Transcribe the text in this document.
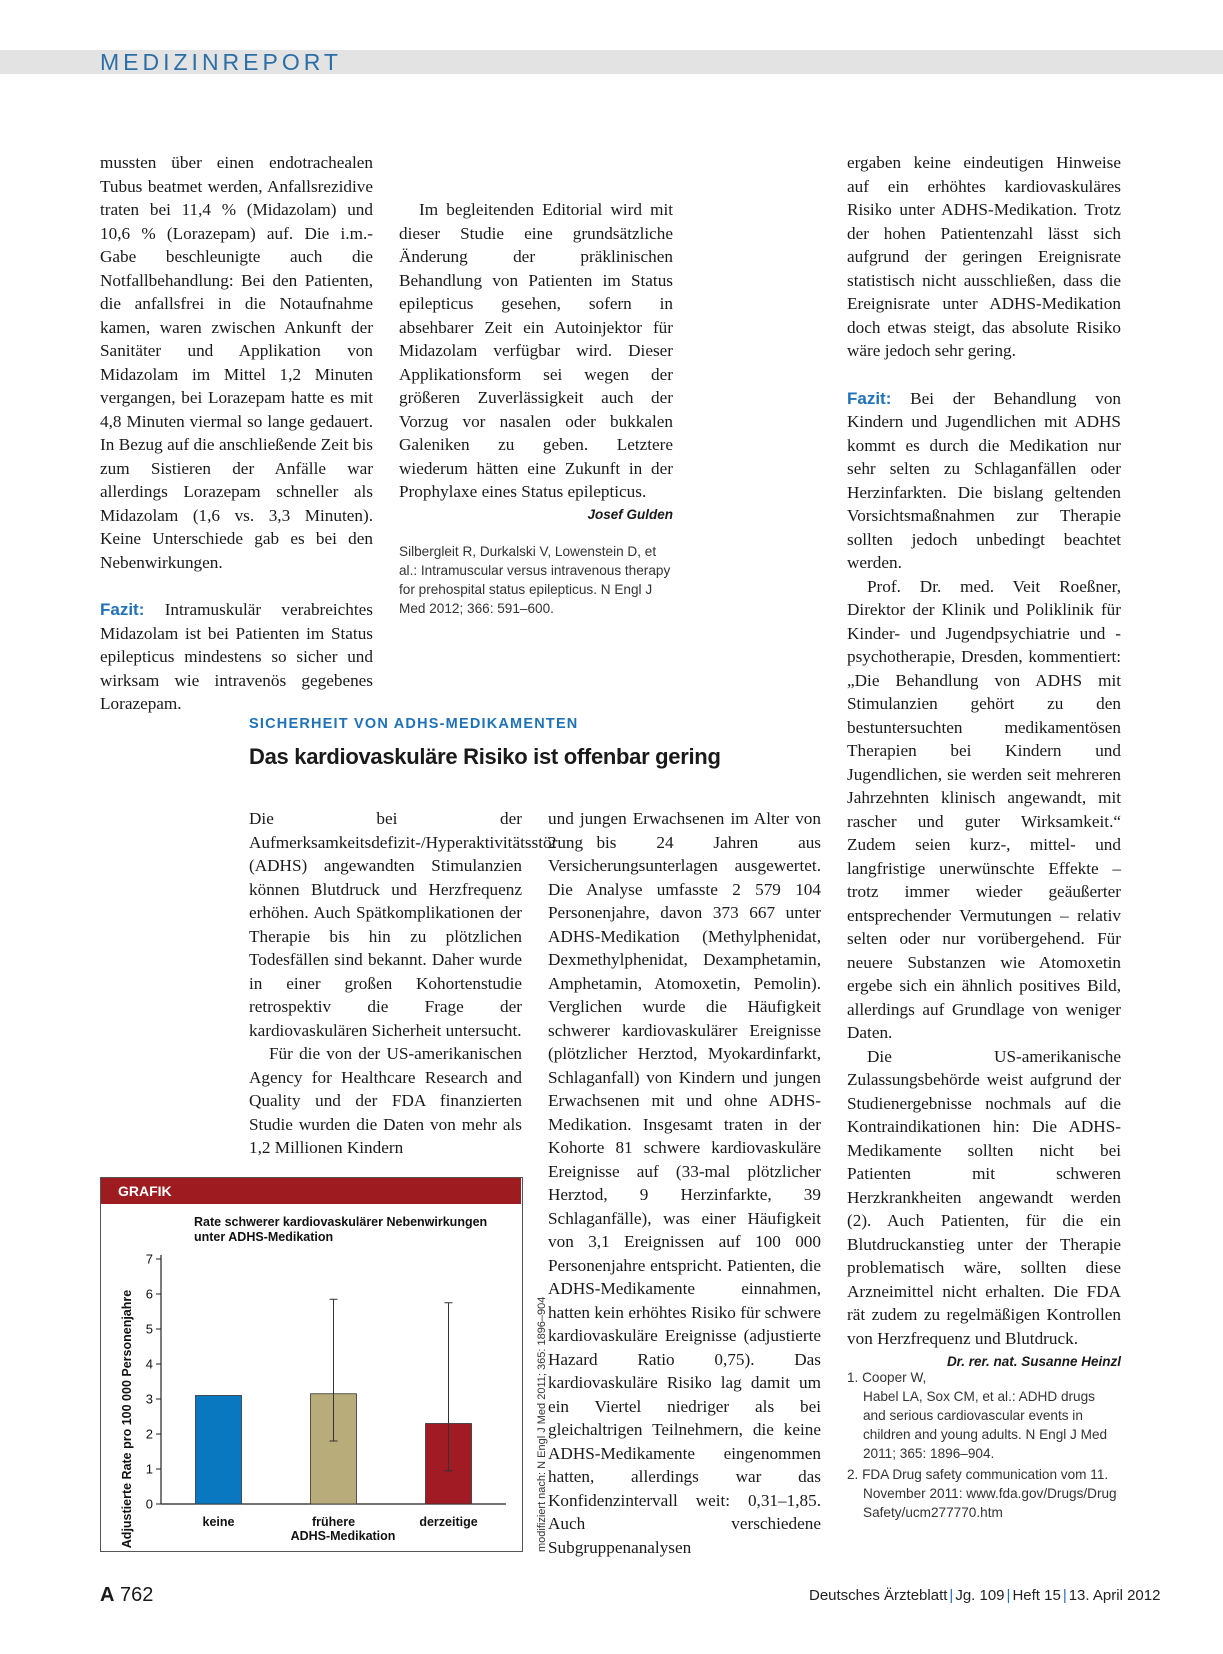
MEDIZINREPORT

mussten über einen endotrachealen Tubus beatmet werden, Anfallsrezidive traten bei 11,4 % (Midazolam) und 10,6 % (Lorazepam) auf. Die i.m.-Gabe beschleunigte auch die Notfallbehandlung: Bei den Patienten, die anfallsfrei in die Notaufnahme kamen, waren zwischen Ankunft der Sanitäter und Applikation von Midazolam im Mittel 1,2 Minuten vergangen, bei Lorazepam hatte es mit 4,8 Minuten viermal so lange gedauert. In Bezug auf die anschließende Zeit bis zum Sistieren der Anfälle war allerdings Lorazepam schneller als Midazolam (1,6 vs. 3,3 Minuten). Keine Unterschiede gab es bei den Nebenwirkungen.

Fazit: Intramuskulär verabreichtes Midazolam ist bei Patienten im Status epilepticus mindestens so sicher und wirksam wie intravenös gegebenes Lorazepam.

Im begleitenden Editorial wird mit dieser Studie eine grundsätzliche Änderung der präklinischen Behandlung von Patienten im Status epilepticus gesehen, sofern in absehbarer Zeit ein Autoinjektor für Midazolam verfügbar wird. Dieser Applikationsform sei wegen der größeren Zuverlässigkeit auch der Vorzug vor nasalen oder bukkalen Galeniken zu geben. Letztere wiederum hätten eine Zukunft in der Prophylaxe eines Status epilepticus.

Josef Gulden

Silbergleit R, Durkalski V, Lowenstein D, et al.: Intramuscular versus intravenous therapy for prehospital status epilepticus. N Engl J Med 2012; 366: 591–600.

SICHERHEIT VON ADHS-MEDIKAMENTEN
Das kardiovaskuläre Risiko ist offenbar gering

Die bei der Aufmerksamkeitsdefizit-/Hyperaktivitätsstörung (ADHS) angewandten Stimulanzien können Blutdruck und Herzfrequenz erhöhen. Auch Spätkomplikationen der Therapie bis hin zu plötzlichen Todesfällen sind bekannt. Daher wurde in einer großen Kohortenstudie retrospektiv die Frage der kardiovaskulären Sicherheit untersucht.

Für die von der US-amerikanischen Agency for Healthcare Research and Quality und der FDA finanzierten Studie wurden die Daten von mehr als 1,2 Millionen Kindern

und jungen Erwachsenen im Alter von 2 bis 24 Jahren aus Versicherungsunterlagen ausgewertet. Die Analyse umfasste 2 579 104 Personenjahre, davon 373 667 unter ADHS-Medikation (Methylphenidat, Dexmethylphenidat, Dexamphetamin, Amphetamin, Atomoxetin, Pemolin). Verglichen wurde die Häufigkeit schwerer kardiovaskulärer Ereignisse (plötzlicher Herztod, Myokardinfarkt, Schlaganfall) von Kindern und jungen Erwachsenen mit und ohne ADHS-Medikation. Insgesamt traten in der Kohorte 81 schwere kardiovaskuläre Ereignisse auf (33-mal plötzlicher Herztod, 9 Herzinfarkte, 39 Schlaganfälle), was einer Häufigkeit von 3,1 Ereignissen auf 100 000 Personenjahre entspricht. Patienten, die ADHS-Medikamente einnahmen, hatten kein erhöhtes Risiko für schwere kardiovaskuläre Ereignisse (adjustierte Hazard Ratio 0,75). Das kardiovaskuläre Risiko lag damit um ein Viertel niedriger als bei gleichaltrigen Teilnehmern, die keine ADHS-Medikamente eingenommen hatten, allerdings war das Konfidenzintervall weit: 0,31–1,85. Auch verschiedene Subgruppenanalysen

ergaben keine eindeutigen Hinweise auf ein erhöhtes kardiovaskuläres Risiko unter ADHS-Medikation. Trotz der hohen Patientenzahl lässt sich aufgrund der geringen Ereignisrate statistisch nicht ausschließen, dass die Ereignisrate unter ADHS-Medikation doch etwas steigt, das absolute Risiko wäre jedoch sehr gering.

Fazit: Bei der Behandlung von Kindern und Jugendlichen mit ADHS kommt es durch die Medikation nur sehr selten zu Schlaganfällen oder Herzinfarkten. Die bislang geltenden Vorsichtsmaßnahmen zur Therapie sollten jedoch unbedingt beachtet werden.

Prof. Dr. med. Veit Roeßner, Direktor der Klinik und Poliklinik für Kinder- und Jugendpsychiatrie und -psychotherapie, Dresden, kommentiert: „Die Behandlung von ADHS mit Stimulanzien gehört zu den bestuntersuchten medikamentösen Therapien bei Kindern und Jugendlichen, sie werden seit mehreren Jahrzehnten klinisch angewandt, mit rascher und guter Wirksamkeit.“ Zudem seien kurz-, mittel- und langfristige unerwünschte Effekte – trotz immer wieder geäußerter entsprechender Vermutungen – relativ selten oder nur vorübergehend. Für neuere Substanzen wie Atomoxetin ergebe sich ein ähnlich positives Bild, allerdings auf Grundlage von weniger Daten.

Die US-amerikanische Zulassungsbehörde weist aufgrund der Studienergebnisse nochmals auf die Kontraindikationen hin: Die ADHS-Medikamente sollten nicht bei Patienten mit schweren Herzkrankheiten angewandt werden (2). Auch Patienten, für die ein Blutdruckanstieg unter der Therapie problematisch wäre, sollten diese Arzneimittel nicht erhalten. Die FDA rät zudem zu regelmäßigen Kontrollen von Herzfrequenz und Blutdruck.
Dr. rer. nat. Susanne Heinzl

1. Cooper W, Habel LA, Sox CM, et al.: ADHD drugs and serious cardiovascular events in children and young adults. N Engl J Med 2011; 365: 1896–904.

2. FDA Drug safety communication vom 11. November 2011: www.fda.gov/Drugs/Drug Safety/ucm277770.htm

GRAFIK
Rate schwerer kardiovaskulärer Nebenwirkungen
unter ADHS-Medikation
Adjustierte Rate pro 100 000 Personenjahre	ADHS-Medikation
0
1
2
3
4
5
6
7
keine	frühere	derzeitige	modifiziert nach: N Engl J Med 2011; 365: 1896–904
A 762	Deutsches Ärzteblatt | Jg. 109 | Heft 15 | 13. April 2012
